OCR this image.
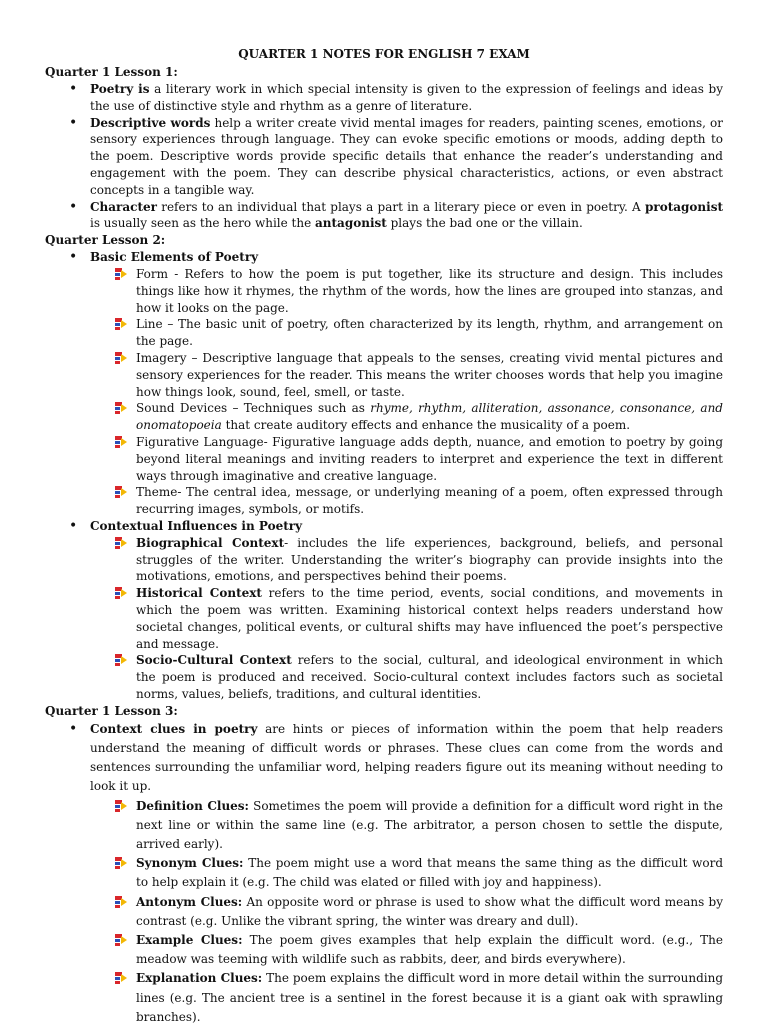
QUARTER 1 NOTES FOR ENGLISH 7 EXAM
Quarter 1 Lesson 1:
• Poetry is a literary work in which special intensity is given to the expression of feelings and ideas by the use of distinctive style and rhythm as a genre of literature.
• Descriptive words help a writer create vivid mental images for readers, painting scenes, emotions, or sensory experiences through language. They can evoke specific emotions or moods, adding depth to the poem. Descriptive words provide specific details that enhance the reader’s understanding and engagement with the poem. They can describe physical characteristics, actions, or even abstract concepts in a tangible way.
• Character refers to an individual that plays a part in a literary piece or even in poetry. A protagonist is usually seen as the hero while the antagonist plays the bad one or the villain.
Quarter Lesson 2:
• Basic Elements of Poetry
Form - Refers to how the poem is put together, like its structure and design. This includes things like how it rhymes, the rhythm of the words, how the lines are grouped into stanzas, and how it looks on the page.
Line – The basic unit of poetry, often characterized by its length, rhythm, and arrangement on the page.
Imagery – Descriptive language that appeals to the senses, creating vivid mental pictures and sensory experiences for the reader. This means the writer chooses words that help you imagine how things look, sound, feel, smell, or taste.
Sound Devices – Techniques such as rhyme, rhythm, alliteration, assonance, consonance, and onomatopoeia that create auditory effects and enhance the musicality of a poem.
Figurative Language- Figurative language adds depth, nuance, and emotion to poetry by going beyond literal meanings and inviting readers to interpret and experience the text in different ways through imaginative and creative language.
Theme- The central idea, message, or underlying meaning of a poem, often expressed through recurring images, symbols, or motifs.
• Contextual Influences in Poetry
Biographical Context- includes the life experiences, background, beliefs, and personal struggles of the writer. Understanding the writer’s biography can provide insights into the motivations, emotions, and perspectives behind their poems.
Historical Context refers to the time period, events, social conditions, and movements in which the poem was written. Examining historical context helps readers understand how societal changes, political events, or cultural shifts may have influenced the poet’s perspective and message.
Socio-Cultural Context refers to the social, cultural, and ideological environment in which the poem is produced and received. Socio-cultural context includes factors such as societal norms, values, beliefs, traditions, and cultural identities.
Quarter 1 Lesson 3:
• Context clues in poetry are hints or pieces of information within the poem that help readers understand the meaning of difficult words or phrases. These clues can come from the words and sentences surrounding the unfamiliar word, helping readers figure out its meaning without needing to look it up.
Definition Clues: Sometimes the poem will provide a definition for a difficult word right in the next line or within the same line (e.g. The arbitrator, a person chosen to settle the dispute, arrived early).
Synonym Clues: The poem might use a word that means the same thing as the difficult word to help explain it (e.g. The child was elated or filled with joy and happiness).
Antonym Clues: An opposite word or phrase is used to show what the difficult word means by contrast (e.g. Unlike the vibrant spring, the winter was dreary and dull).
Example Clues: The poem gives examples that help explain the difficult word. (e.g., The meadow was teeming with wildlife such as rabbits, deer, and birds everywhere).
Explanation Clues: The poem explains the difficult word in more detail within the surrounding lines (e.g. The ancient tree is a sentinel in the forest because it is a giant oak with sprawling branches).
